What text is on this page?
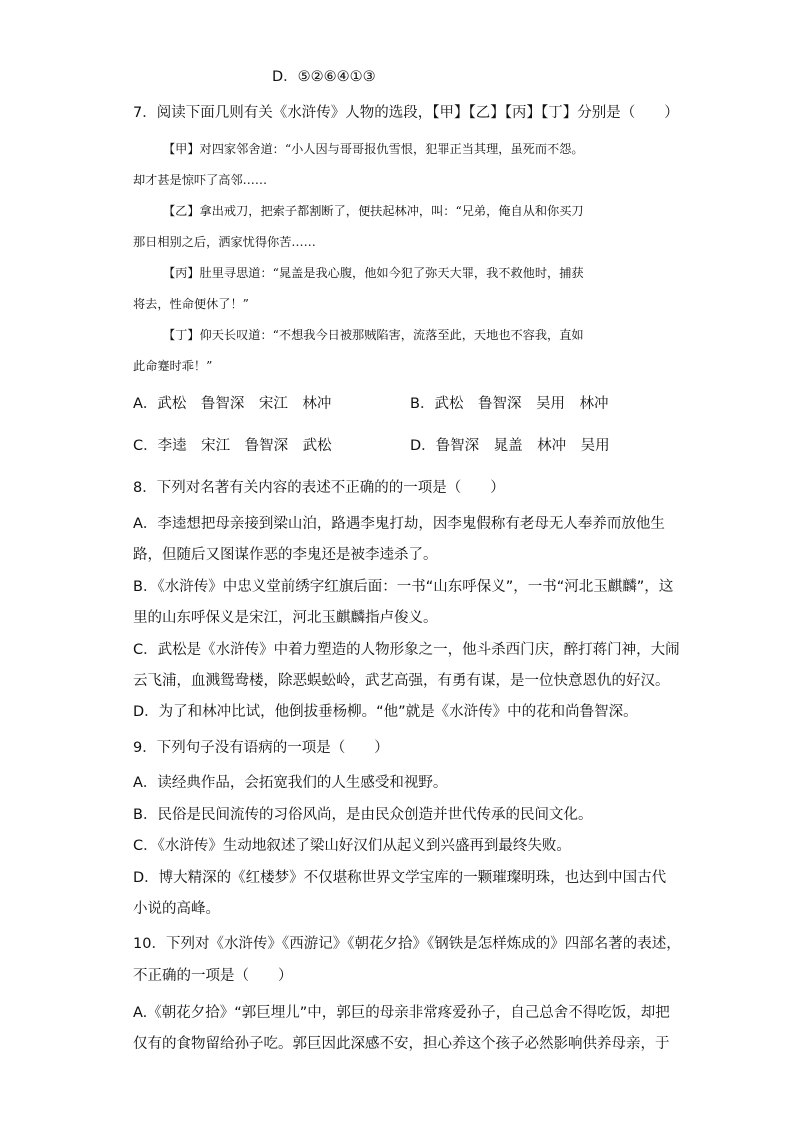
D．⑤②⑥④①③
7．阅读下面几则有关《水浒传》人物的选段，【甲】【乙】【丙】【丁】分别是（　　）
【甲】对四家邻舍道：“小人因与哥哥报仇雪恨，犯罪正当其理，虽死而不怨。
却才甚是惊吓了高邻……
【乙】拿出戒刀，把索子都割断了，便扶起林冲，叫：“兄弟，俺自从和你买刀
那日相别之后，洒家忧得你苦……
【丙】肚里寻思道：“晁盖是我心腹，他如今犯了弥天大罪，我不救他时，捕获
将去，性命便休了！”
【丁】仰天长叹道：“不想我今日被那贼陷害，流落至此，天地也不容我，直如
此命蹇时乖！”
A．武松　鲁智深　宋江　林冲	B．武松　鲁智深　吴用　林冲
C．李逵　宋江　鲁智深　武松	D．鲁智深　晁盖　林冲　吴用
8．下列对名著有关内容的表述不正确的的一项是（　　）
A．李逵想把母亲接到梁山泊，路遇李鬼打劫，因李鬼假称有老母无人奉养而放他生
路，但随后又图谋作恶的李鬼还是被李逵杀了。
B．《水浒传》中忠义堂前绣字红旗后面：一书“山东呼保义”，一书“河北玉麒麟”，这
里的山东呼保义是宋江，河北玉麒麟指卢俊义。
C．武松是《水浒传》中着力塑造的人物形象之一，他斗杀西门庆，醉打蒋门神，大闹
云飞浦，血溅鸳鸯楼，除恶蜈蚣岭，武艺高强，有勇有谋，是一位快意恩仇的好汉。
D．为了和林冲比试，他倒拔垂杨柳。“他”就是《水浒传》中的花和尚鲁智深。
9．下列句子没有语病的一项是（　　）
A．读经典作品，会拓宽我们的人生感受和视野。
B．民俗是民间流传的习俗风尚，是由民众创造并世代传承的民间文化。
C．《水浒传》生动地叙述了梁山好汉们从起义到兴盛再到最终失败。
D．博大精深的《红楼梦》不仅堪称世界文学宝库的一颗璀璨明珠，也达到中国古代
小说的高峰。
10．下列对《水浒传》《西游记》《朝花夕拾》《钢铁是怎样炼成的》四部名著的表述，
不正确的一项是（　　）
A.《朝花夕拾》“郭巨埋儿”中，郭巨的母亲非常疼爱孙子，自己总舍不得吃饭，却把
仅有的食物留给孙子吃。郭巨因此深感不安，担心养这个孩子必然影响供养母亲，于
